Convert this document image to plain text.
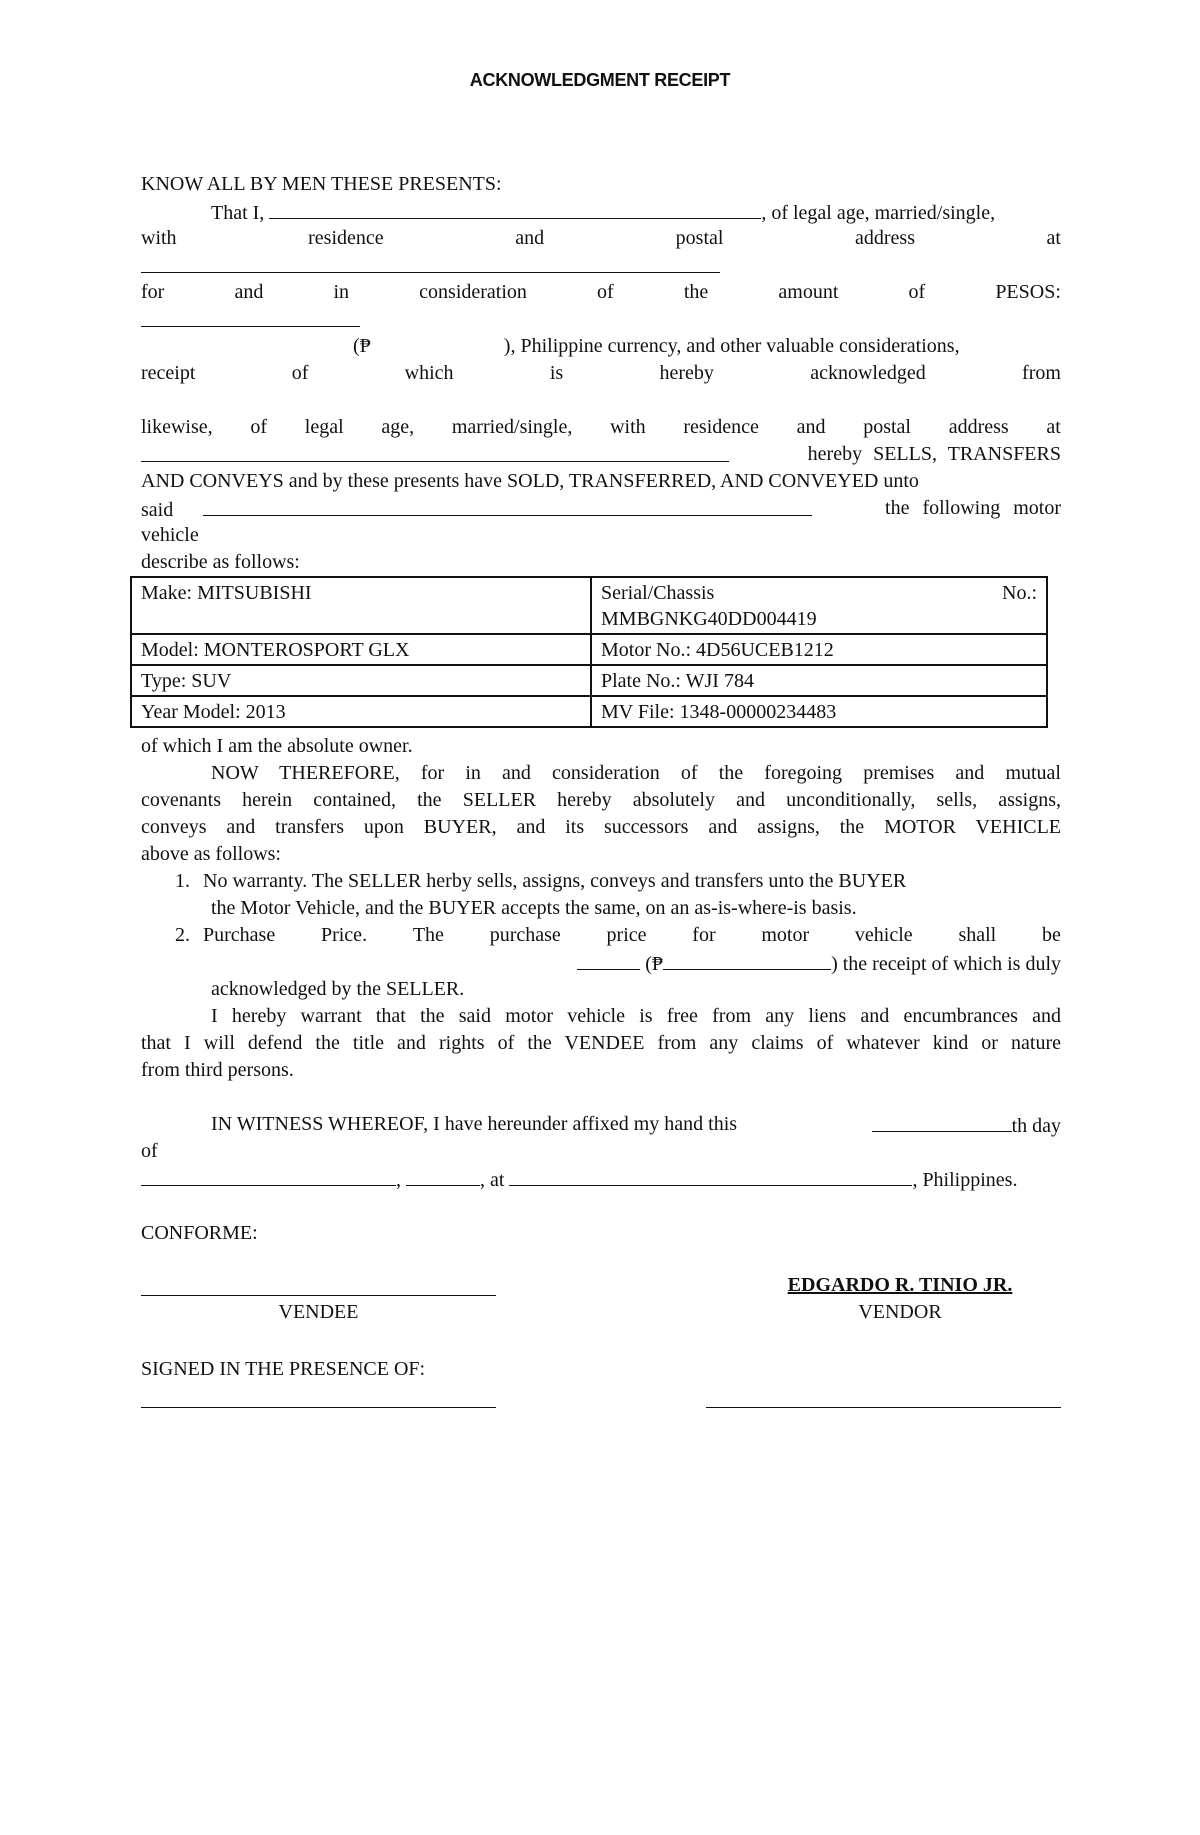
ACKNOWLEDGMENT RECEIPT
KNOW ALL BY MEN THESE PRESENTS:
That I,	, of legal age, married/single,
with	residence	and	postal	address	at
for	and	in	consideration	of	the	amount	of	PESOS:
(₱	), Philippine currency, and other valuable considerations,
receipt	of	which	is	hereby	acknowledged	from
likewise, of legal age, married/single, with residence and postal address at
hereby SELLS, TRANSFERS
AND CONVEYS and by these presents have SOLD, TRANSFERRED, AND CONVEYED unto
said	the following motor
vehicle
describe as follows:
Make: MITSUBISHI	Serial/Chassis No.:
MMBGNKG40DD004419

Model: MONTEROSPORT GLX	Motor No.: 4D56UCEB1212
Type: SUV	Plate No.: WJI 784
Year Model: 2013	MV File: 1348-00000234483
of which I am the absolute owner.
NOW THEREFORE, for in and consideration of the foregoing premises and mutual
covenants herein contained, the SELLER hereby absolutely and unconditionally, sells, assigns,
conveys and transfers upon BUYER, and its successors and assigns, the MOTOR VEHICLE
above as follows:
1. No warranty. The SELLER herby sells, assigns, conveys and transfers unto the BUYER
the Motor Vehicle, and the BUYER accepts the same, on an as-is-where-is basis.
2. Purchase Price. The purchase price for motor vehicle shall be
(₱	) the receipt of which is duly
acknowledged by the SELLER.
I hereby warrant that the said motor vehicle is free from any liens and encumbrances and
that I will defend the title and rights of the VENDEE from any claims of whatever kind or nature
from third persons.
IN WITNESS WHEREOF, I have hereunder affixed my hand this	th day
of
,	, at	, Philippines.
CONFORME:
EDGARDO R. TINIO JR.
VENDEE	VENDOR
SIGNED IN THE PRESENCE OF:
